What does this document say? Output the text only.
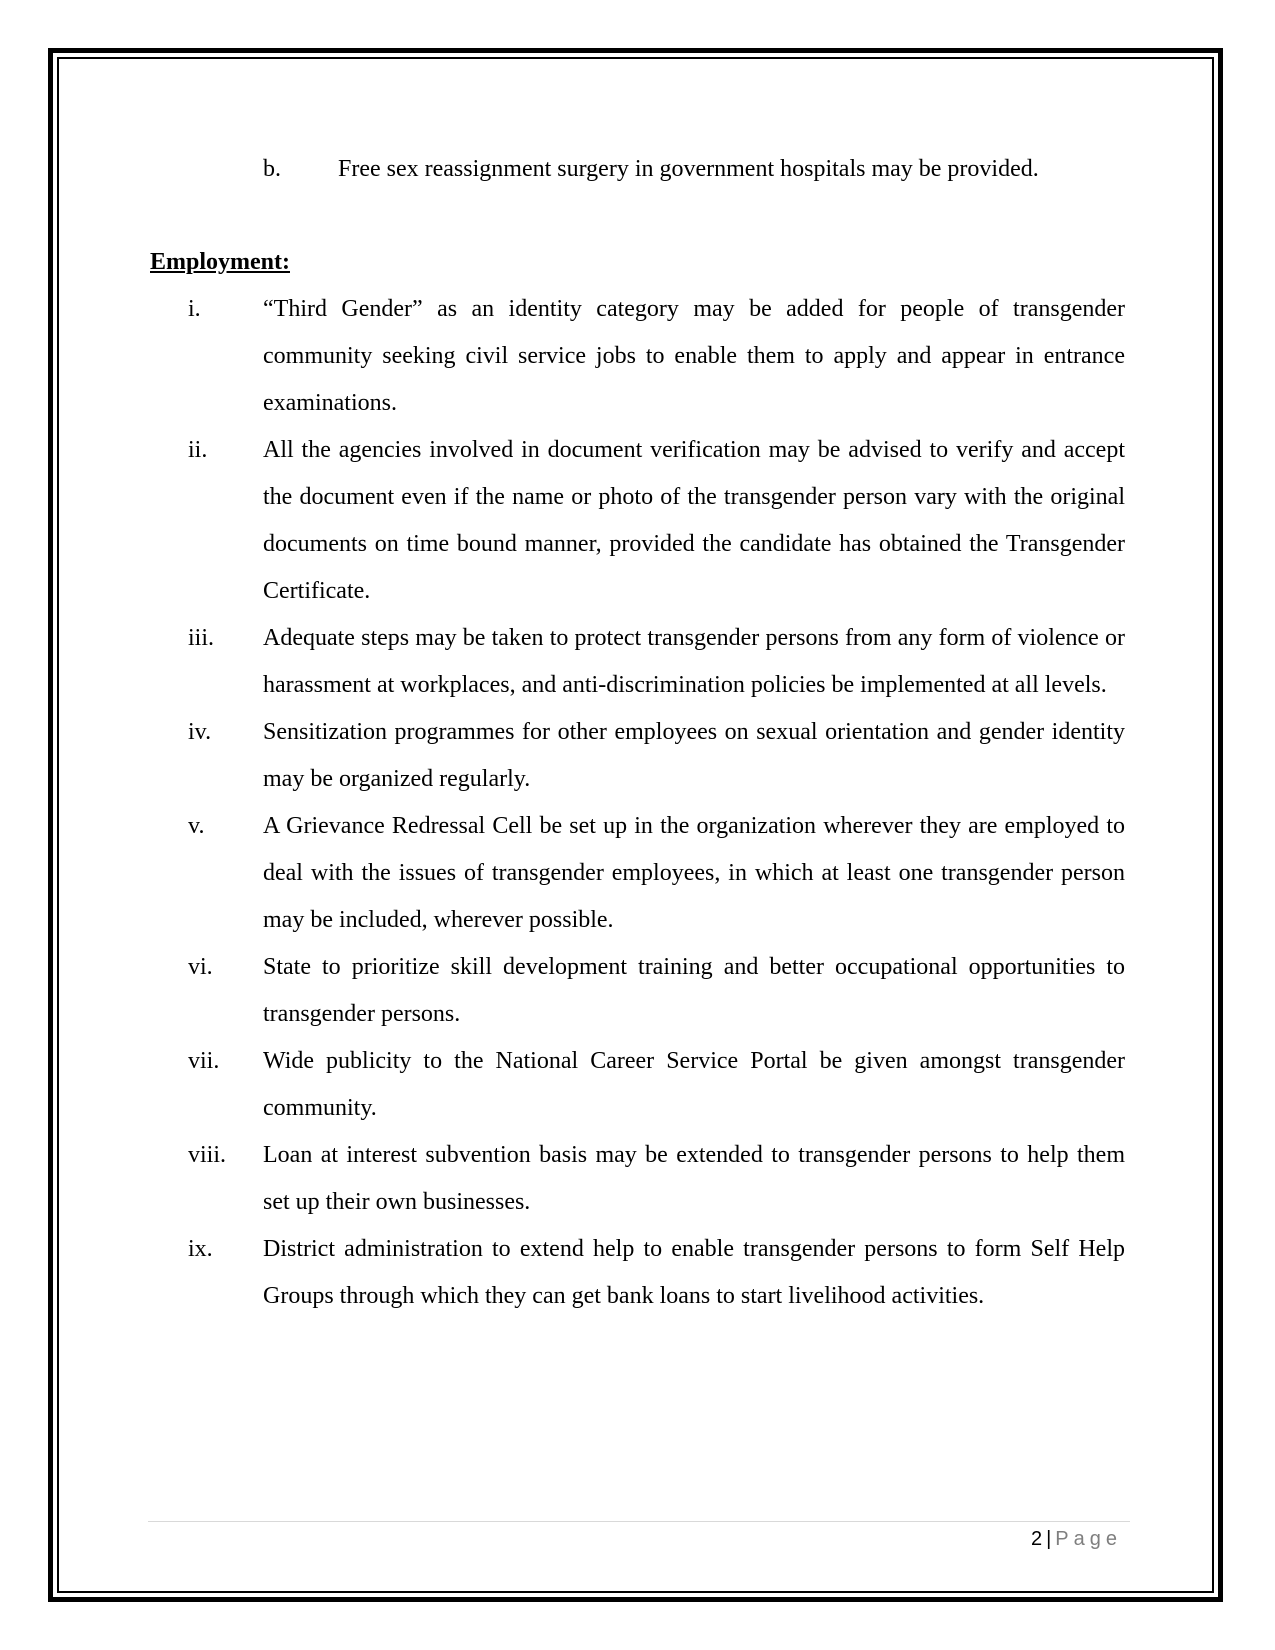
b. Free sex reassignment surgery in government hospitals may be provided.
Employment:
i.	“Third Gender” as an identity category may be added for people of transgender community seeking civil service jobs to enable them to apply and appear in entrance examinations.
ii. All the agencies involved in document verification may be advised to verify and accept the document even if the name or photo of the transgender person vary with the original documents on time bound manner, provided the candidate has obtained the Transgender Certificate.
iii. Adequate steps may be taken to protect transgender persons from any form of violence or harassment at workplaces, and anti-discrimination policies be implemented at all levels.
iv. Sensitization programmes for other employees on sexual orientation and gender identity may be organized regularly.
v. A Grievance Redressal Cell be set up in the organization wherever they are employed to deal with the issues of transgender employees, in which at least one transgender person may be included, wherever possible.
vi. State to prioritize skill development training and better occupational opportunities to transgender persons.
vii. Wide publicity to the National Career Service Portal be given amongst transgender community.
viii. Loan at interest subvention basis may be extended to transgender persons to help them set up their own businesses.
ix. District administration to extend help to enable transgender persons to form Self Help Groups through which they can get bank loans to start livelihood activities.
2 | Page
